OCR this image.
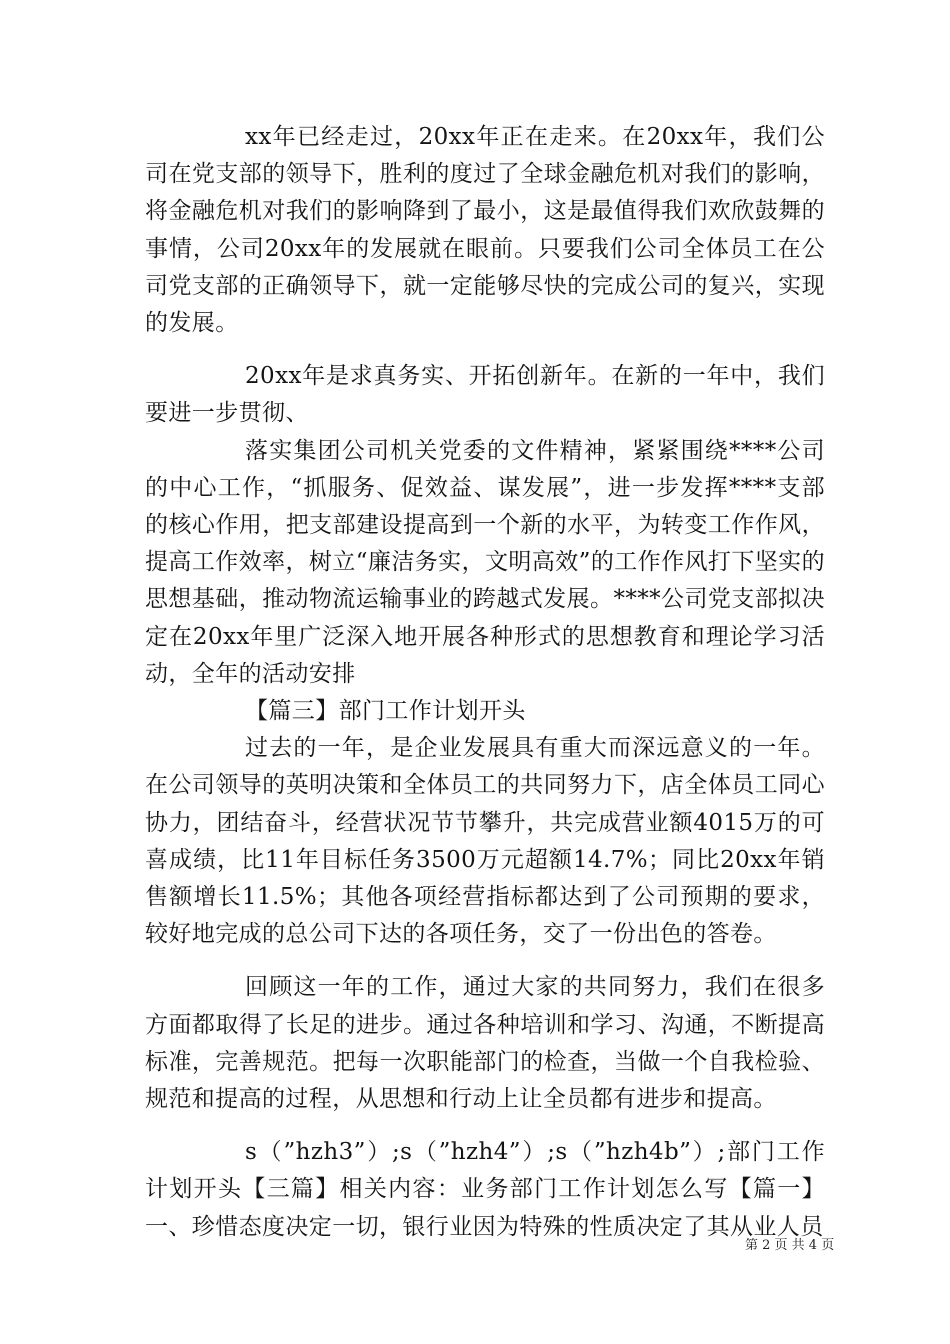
xx年已经走过，20xx年正在走来。在20xx年，我们公司在党支部的领导下，胜利的度过了全球金融危机对我们的影响，将金融危机对我们的影响降到了最小，这是最值得我们欢欣鼓舞的事情，公司20xx年的发展就在眼前。只要我们公司全体员工在公司党支部的正确领导下，就一定能够尽快的完成公司的复兴，实现的发展。

20xx年是求真务实、开拓创新年。在新的一年中，我们要进一步贯彻、

落实集团公司机关党委的文件精神，紧紧围绕****公司的中心工作，“抓服务、促效益、谋发展”，进一步发挥****支部的核心作用，把支部建设提高到一个新的水平，为转变工作作风，提高工作效率，树立“廉洁务实，文明高效”的工作作风打下坚实的思想基础，推动物流运输事业的跨越式发展。****公司党支部拟决定在20xx年里广泛深入地开展各种形式的思想教育和理论学习活动，全年的活动安排

【篇三】部门工作计划开头

过去的一年，是企业发展具有重大而深远意义的一年。在公司领导的英明决策和全体员工的共同努力下，店全体员工同心协力，团结奋斗，经营状况节节攀升，共完成营业额4015万的可喜成绩，比11年目标任务3500万元超额14.7%；同比20xx年销售额增长11.5%；其他各项经营指标都达到了公司预期的要求，较好地完成的总公司下达的各项任务，交了一份出色的答卷。

回顾这一年的工作，通过大家的共同努力，我们在很多方面都取得了长足的进步。通过各种培训和学习、沟通，不断提高标准，完善规范。把每一次职能部门的检查，当做一个自我检验、规范和提高的过程，从思想和行动上让全员都有进步和提高。

s（”hzh3”）;s（”hzh4”）;s（”hzh4b”）;部门工作计划开头【三篇】相关内容：业务部门工作计划怎么写【篇一】一、珍惜态度决定一切，银行业因为特殊的性质决定了其从业人员

第 2 页 共 4 页
